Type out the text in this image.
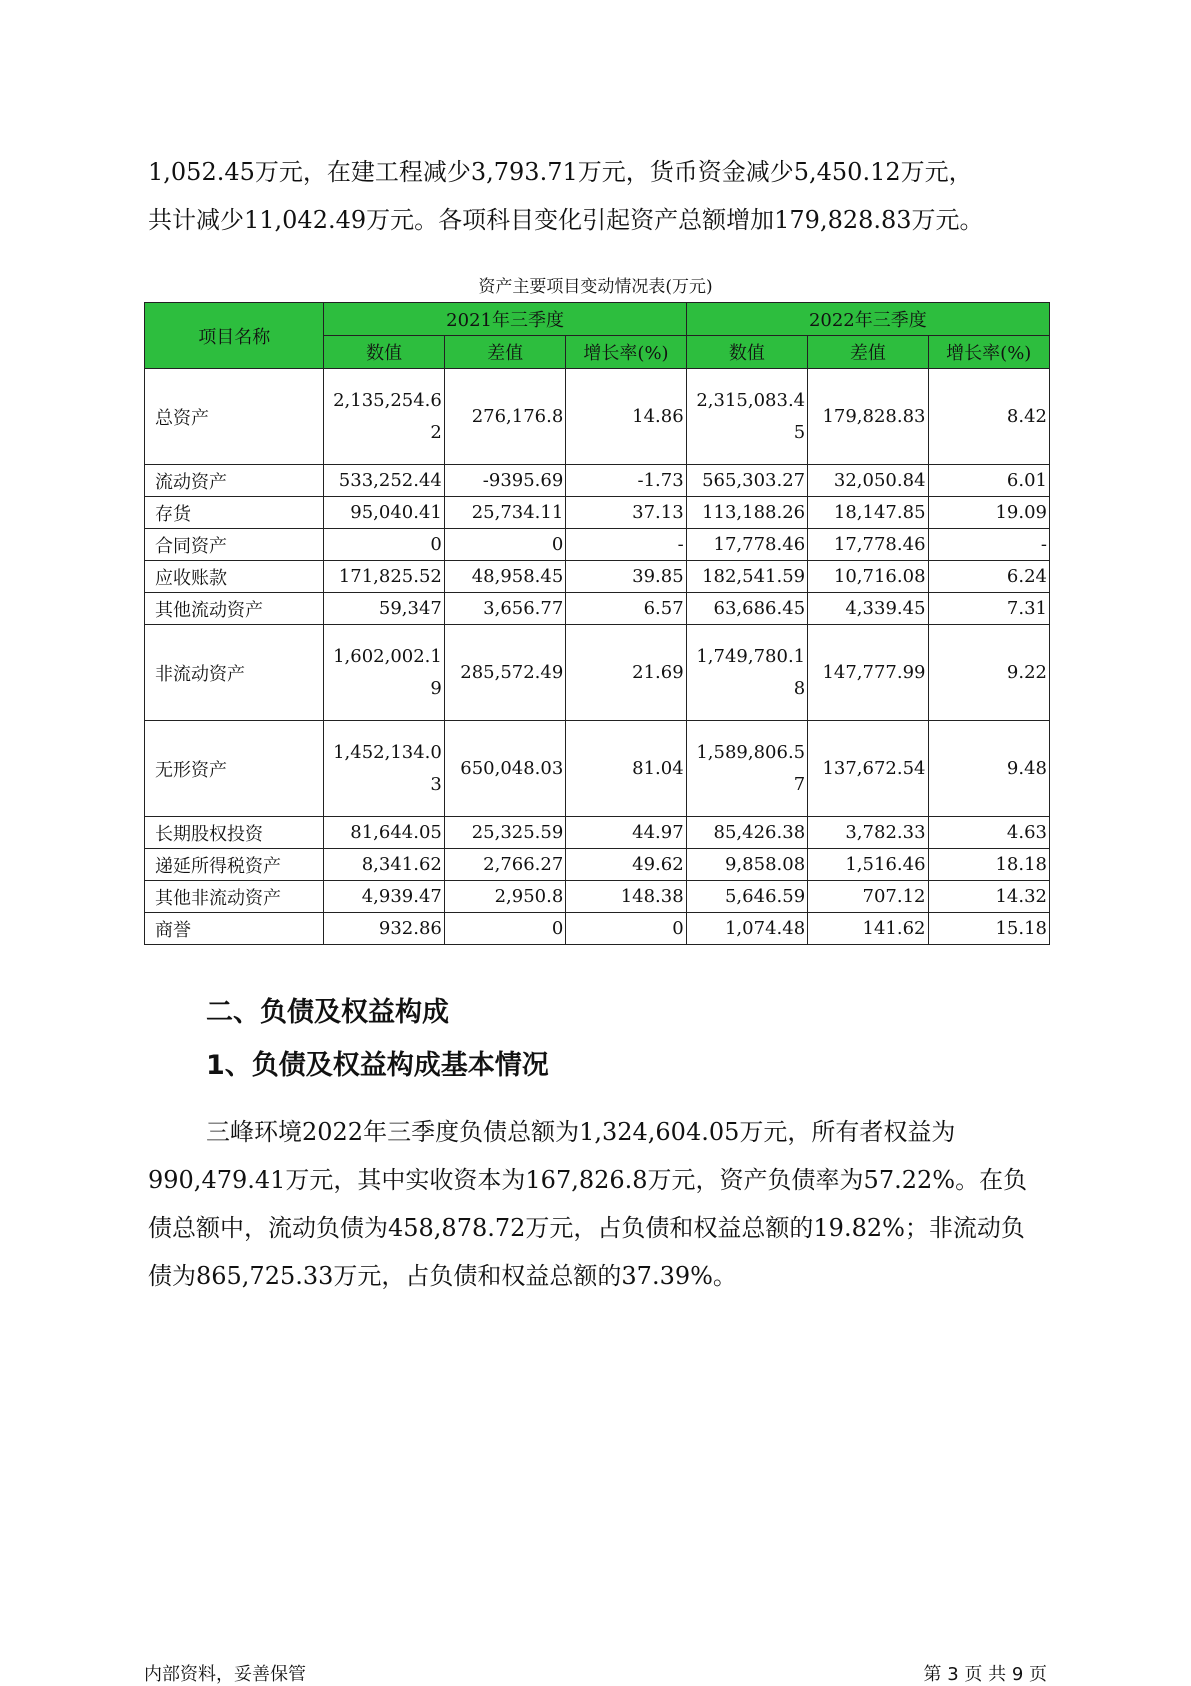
1,052.45万元，在建工程减少3,793.71万元，货币资金减少5,450.12万元，
共计减少11,042.49万元。各项科目变化引起资产总额增加179,828.83万元。
资产主要项目变动情况表(万元)
项目名称	2021年三季度			2022年三季度		
	数值	差值	增长率(%)	数值	差值	增长率(%)
总资产	2,135,254.62	276,176.8	14.86	2,315,083.45	179,828.83	8.42
流动资产	533,252.44	-9395.69	-1.73	565,303.27	32,050.84	6.01
存货	95,040.41	25,734.11	37.13	113,188.26	18,147.85	19.09
合同资产	0	0	-	17,778.46	17,778.46	-
应收账款	171,825.52	48,958.45	39.85	182,541.59	10,716.08	6.24
其他流动资产	59,347	3,656.77	6.57	63,686.45	4,339.45	7.31
非流动资产	1,602,002.19	285,572.49	21.69	1,749,780.18	147,777.99	9.22
无形资产	1,452,134.03	650,048.03	81.04	1,589,806.57	137,672.54	9.48
长期股权投资	81,644.05	25,325.59	44.97	85,426.38	3,782.33	4.63
递延所得税资产	8,341.62	2,766.27	49.62	9,858.08	1,516.46	18.18
其他非流动资产	4,939.47	2,950.8	148.38	5,646.59	707.12	14.32
商誉	932.86	0	0	1,074.48	141.62	15.18
二、负债及权益构成
1、负债及权益构成基本情况

三峰环境2022年三季度负债总额为1,324,604.05万元，所有者权益为990,479.41万元，其中实收资本为167,826.8万元，资产负债率为57.22%。在负债总额中，流动负债为458,878.72万元，占负债和权益总额的19.82%；非流动负债为865,725.33万元，占负债和权益总额的37.39%。

内部资料，妥善保管	第 3 页 共 9 页
